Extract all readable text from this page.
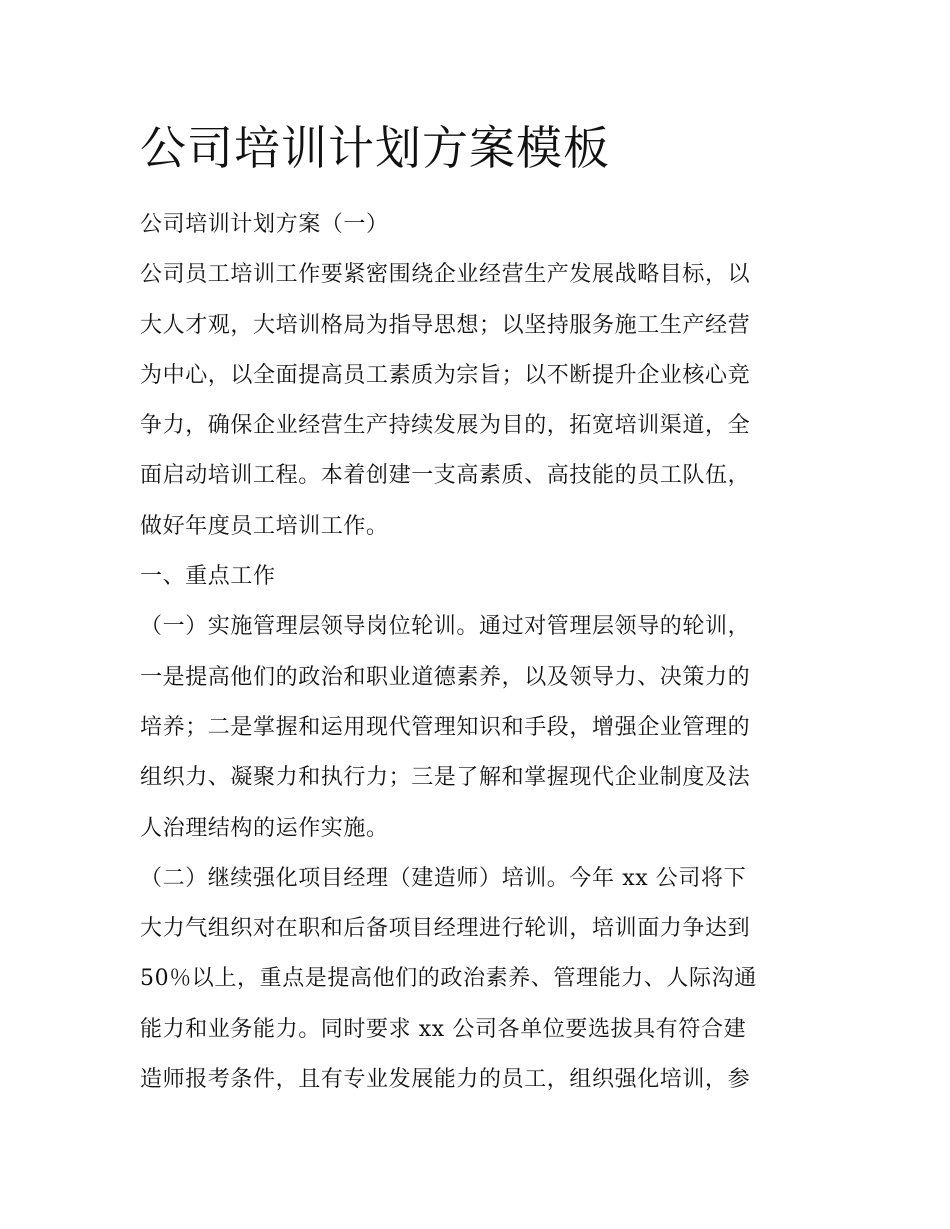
公司培训计划方案模板
公司培训计划方案（一）
公司员工培训工作要紧密围绕企业经营生产发展战略目标，以
大人才观，大培训格局为指导思想；以坚持服务施工生产经营
为中心，以全面提高员工素质为宗旨；以不断提升企业核心竞
争力，确保企业经营生产持续发展为目的，拓宽培训渠道，全
面启动培训工程。本着创建一支高素质、高技能的员工队伍，
做好年度员工培训工作。
一、重点工作
（一）实施管理层领导岗位轮训。通过对管理层领导的轮训，
一是提高他们的政治和职业道德素养，以及领导力、决策力的
培养；二是掌握和运用现代管理知识和手段，增强企业管理的
组织力、凝聚力和执行力；三是了解和掌握现代企业制度及法
人治理结构的运作实施。
（二）继续强化项目经理（建造师）培训。今年 xx 公司将下
大力气组织对在职和后备项目经理进行轮训，培训面力争达到
50％以上，重点是提高他们的政治素养、管理能力、人际沟通
能力和业务能力。同时要求 xx 公司各单位要选拔具有符合建
造师报考条件，且有专业发展能力的员工，组织强化培训，参
